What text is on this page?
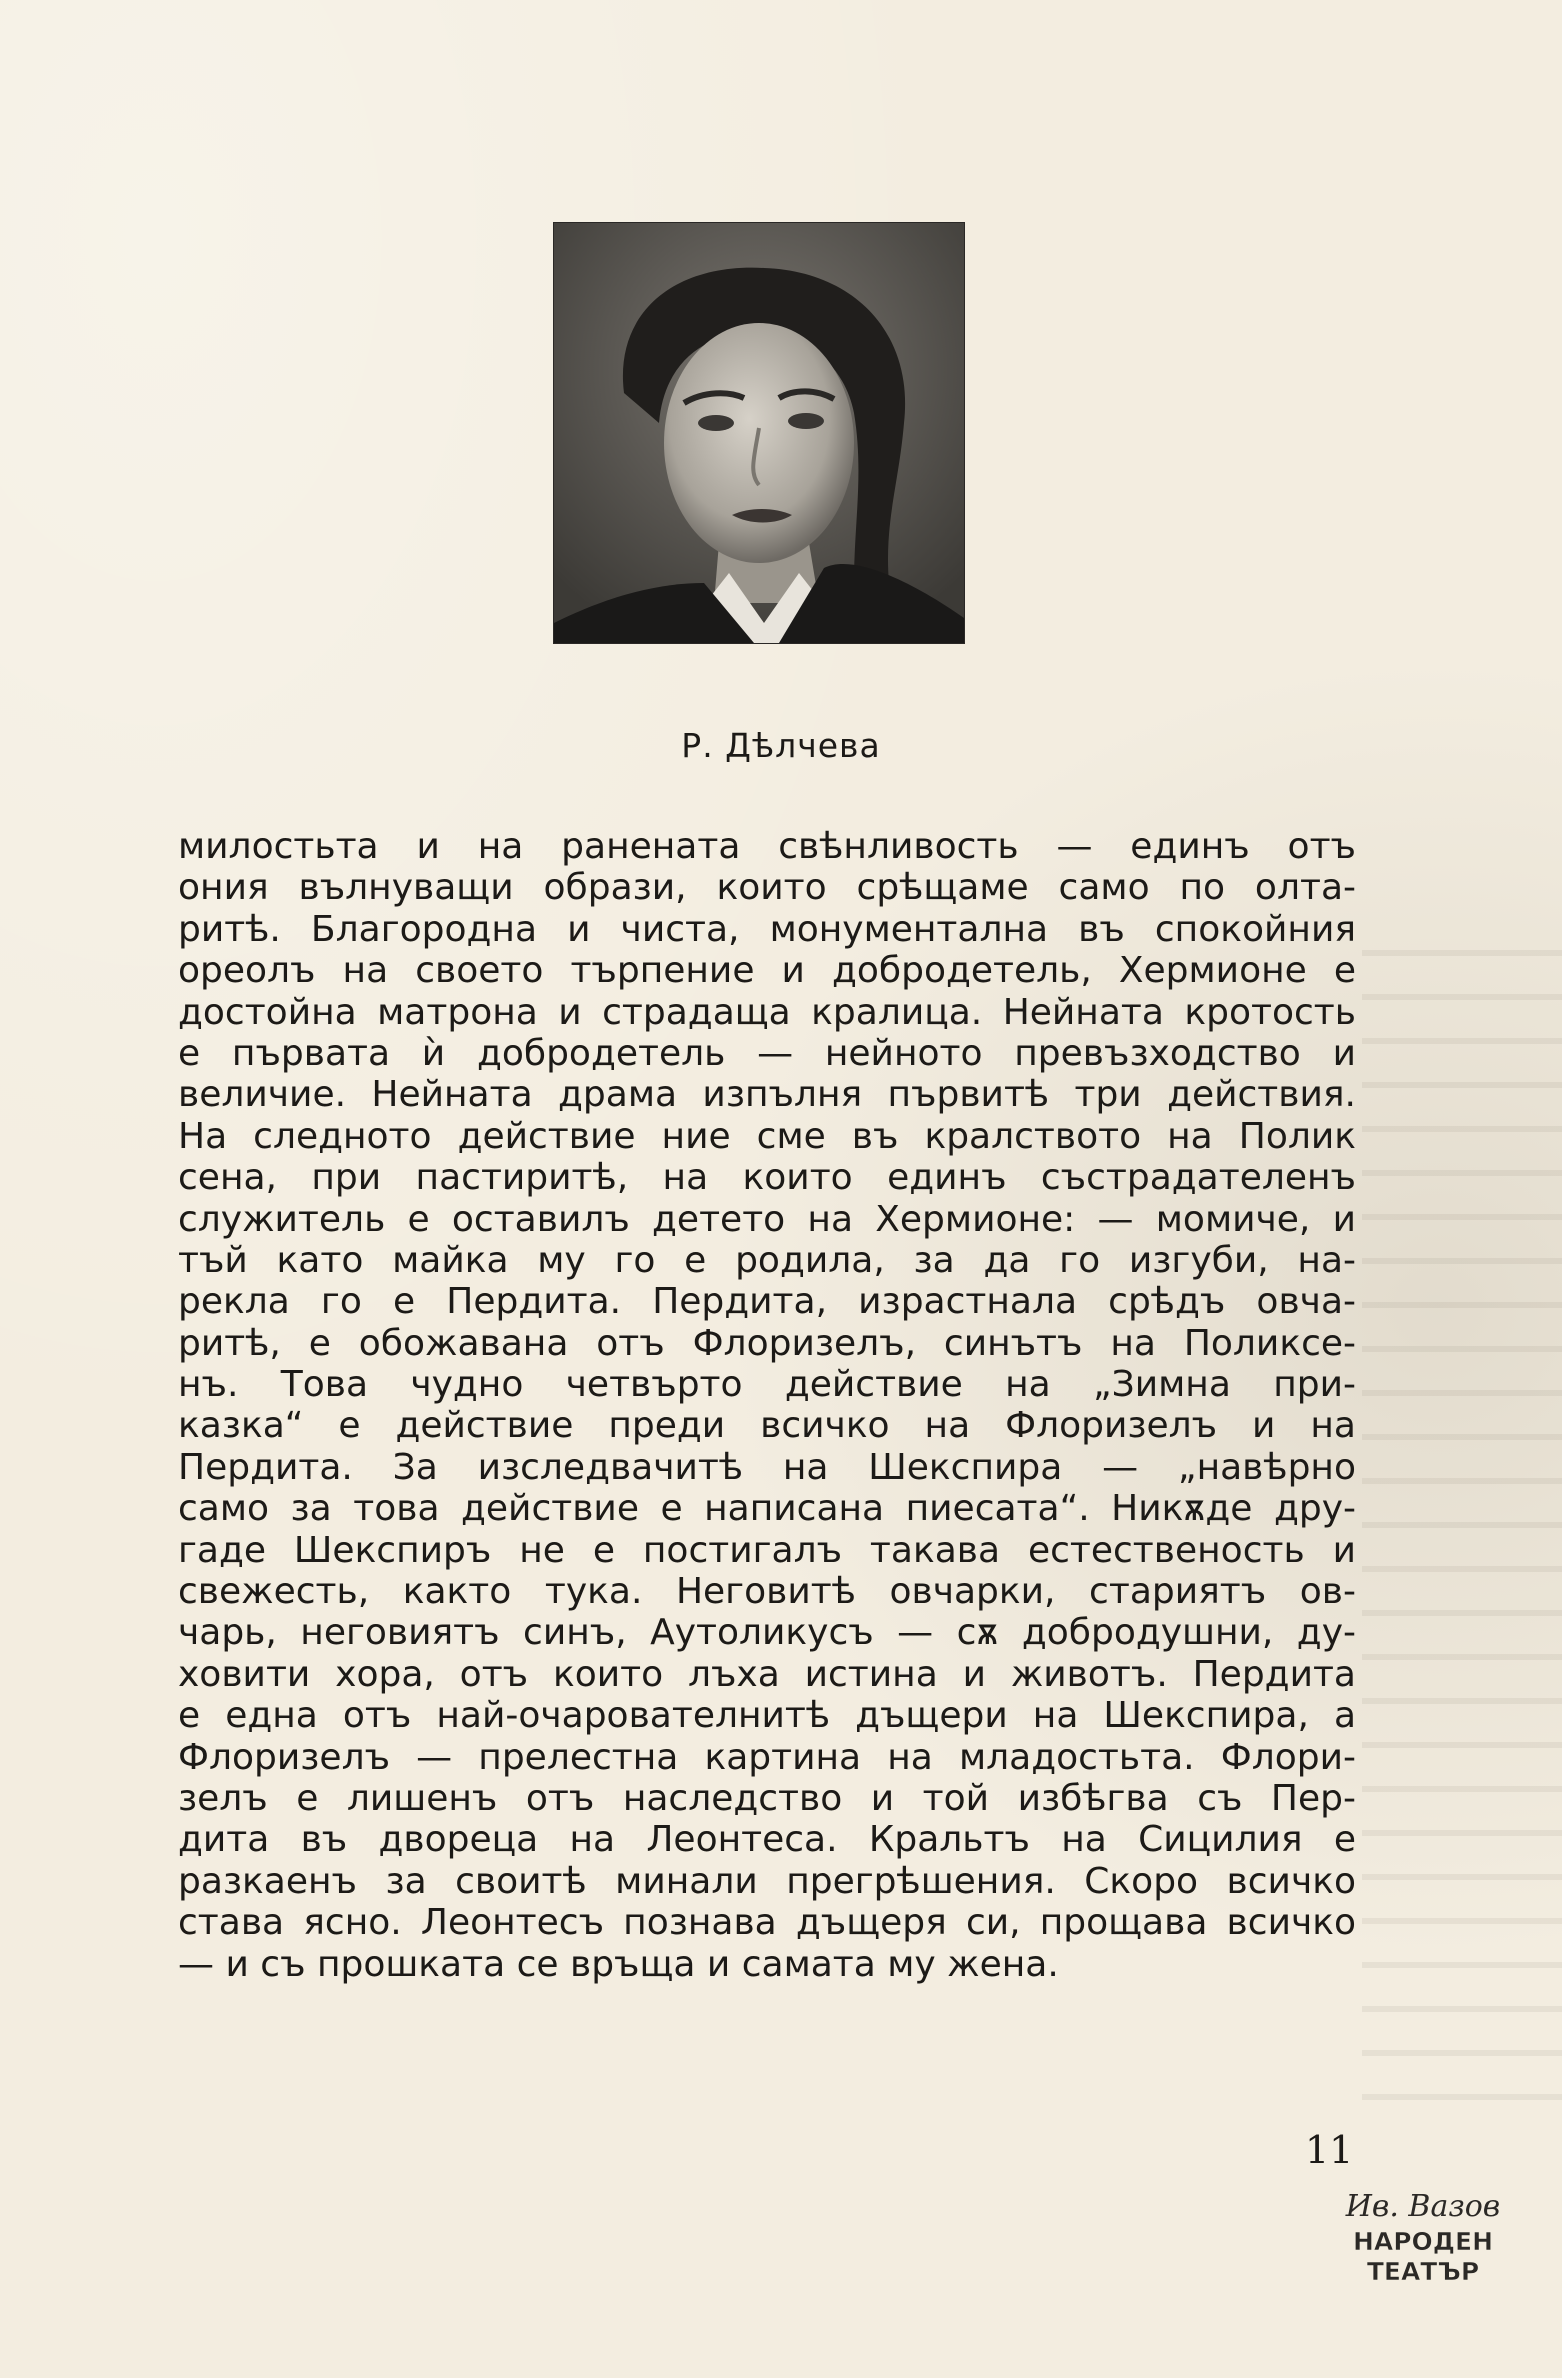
Р. Дѣлчева
милостьта и на ранената свѣнливость — единъ отъ
ония вълнуващи образи, които срѣщаме само по олта-
ритѣ. Благородна и чиста, монументална въ спокойния
ореолъ на своето търпение и добродетель, Хермионе е
достойна матрона и страдаща кралица. Нейната кротость
е първата ѝ добродетель — нейното превъзходство и
величие. Нейната драма изпълня първитѣ три действия.
На следното действие ние сме въ кралството на Полик
сена, при пастиритѣ, на които единъ състрадателенъ
служитель е оставилъ детето на Хермионе: — момиче, и
тъй като майка му го е родила, за да го изгуби, на-
рекла го е Пердита. Пердита, израстнала срѣдъ овча-
ритѣ, е обожавана отъ Флоризелъ, синътъ на Поликсе-
нъ. Това чудно четвърто действие на „Зимна при-
казка“ е действие преди всичко на Флоризелъ и на
Пердита. За изследвачитѣ на Шекспира — „навѣрно
само за това действие е написана пиесата“. Никѫде дру-
гаде Шекспиръ не е постигалъ такава естественость и
свежесть, както тука. Неговитѣ овчарки, стариятъ ов-
чарь, неговиятъ синъ, Аутоликусъ — сѫ добродушни, ду-
ховити хора, отъ които лъха истина и животъ. Пердита
е една отъ най-очарователнитѣ дъщери на Шекспира, а
Флоризелъ — прелестна картина на младостьта. Флори-
зелъ е лишенъ отъ наследство и той избѣгва съ Пер-
дита въ двореца на Леонтеса. Кральтъ на Сицилия е
разкаенъ за своитѣ минали прегрѣшения. Скоро всичко
става ясно. Леонтесъ познава дъщеря си, прощава всичко
— и съ прошката се връща и самата му жена.
11
Ив. Вазов
НАРОДЕН
ТЕАТЪР
